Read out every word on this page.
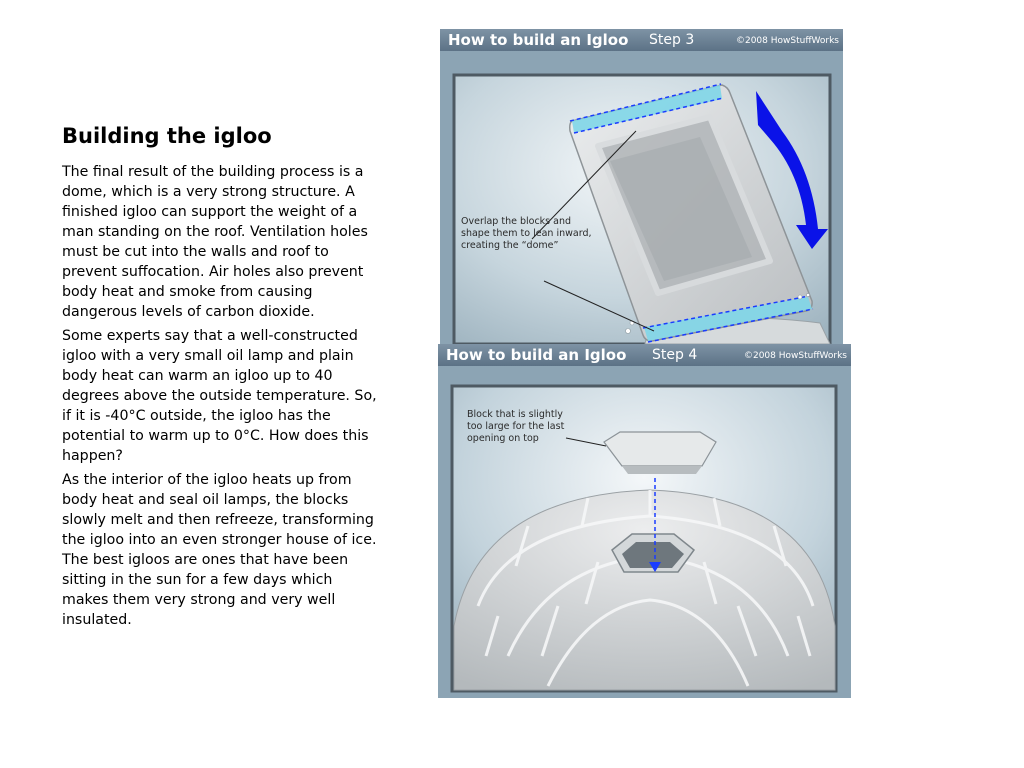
Building the igloo

The final result of the building process is a dome, which is a very strong structure. A finished igloo can support the weight of a man standing on the roof. Ventilation holes must be cut into the walls and roof to prevent suffocation. Air holes also prevent body heat and smoke from causing dangerous levels of carbon dioxide.

Some experts say that a well-constructed igloo with a very small oil lamp and plain body heat can warm an igloo up to 40 degrees above the outside temperature. So, if it is -40°C outside, the igloo has the potential to warm up to 0°C. How does this happen?

As the interior of the igloo heats up from body heat and seal oil lamps, the blocks slowly melt and then refreeze, transforming the igloo into an even stronger house of ice. The best igloos are ones that have been sitting in the sun for a few days which makes them very strong and very well insulated.

How to build an Igloo Step 3	©2008 HowStuffWorks
Overlap the blocks and
shape them to lean inward,
creating the “dome”
How to build an Igloo Step 4	©2008 HowStuffWorks
Block that is slightly
too large for the last
opening on top
